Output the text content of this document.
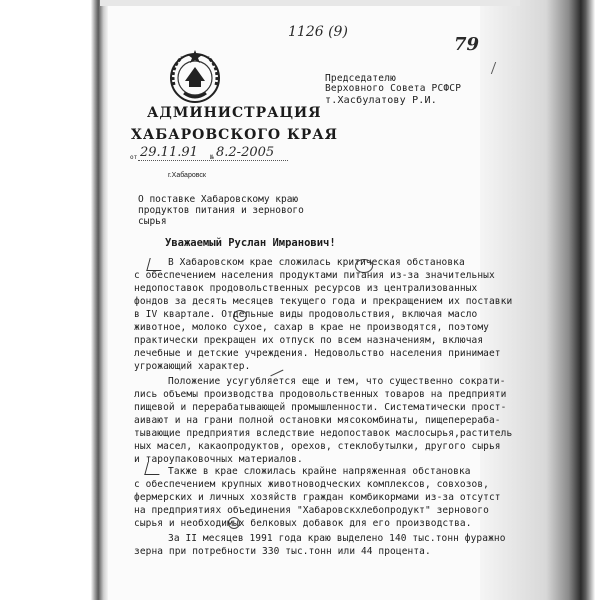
1126 (9)
79
АДМИНИСТРАЦИЯ
ХАБАРОВСКОГО КРАЯ
Председателю
Верховного Совета РСФСР
т.Хасбулатову Р.И.
от 29.11.91 № 8.2-2005
г.Хабаровск
О поставке Хабаровскому краю
продуктов питания и зернового
сырья
Уважаемый Руслан Имранович!
В Хабаровском крае сложилась критическая обстановка
с обеспечением населения продуктами питания из-за значительных
недопоставок продовольственных ресурсов из централизованных
фондов за десять месяцев текущего года и прекращением их поставки
в IV квартале. Отдельные виды продовольствия, включая масло
животное, молоко сухое, сахар в крае не производятся, поэтому
практически прекращен их отпуск по всем назначениям, включая
лечебные и детские учреждения. Недовольство населения принимает
угрожающий характер.
Положение усугубляется еще и тем, что существенно сократи-
лись объемы производства продовольственных товаров на предприяти
пищевой и перерабатывающей промышленности. Систематически прост-
аивают и на грани полной остановки мясокомбинаты, пищеперераба-
тывающие предприятия вследствие недопоставок маслосырья,раститель
ных масел, какаопродуктов, орехов, стеклобутылки, другого сырья
и тароупаковочных материалов.
Также в крае сложилась крайне напряженная обстановка
с обеспечением крупных животноводческих комплексов, совхозов,
фермерских и личных хозяйств граждан комбикормами из-за отсутст
на предприятиях объединения "Хабаровскхлебопродукт" зернового
сырья и необходимых белковых добавок для его производства.
За II месяцев 1991 года краю выделено 140 тыс.тонн фуражно
зерна при потребности 330 тыс.тонн или 44 процента.
